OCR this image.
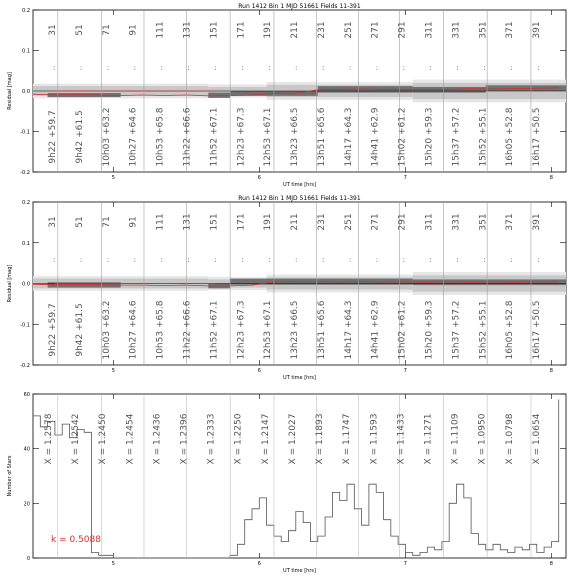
Run 1412 Bin 1 MJD 51661 Fields 11-391
UT time [hrs]
Residual [mag]
5	6	7	8
-0.2
-0.1
0.0
0.1
0.2
31
:
51
:
71
:
91
:
111
:
131
:
151
:
171
:
191
:
211
:
231
:
251
:
271
:
291
:
311
:
331
:
351
:
371
:
391
:
9h22 +59.7 9h42 +61.5 10h03 +63.2 10h27 +64.6 10h53 +65.8 11h22 +66.6 11h52 +67.1 12h23 +67.3 12h53 +67.1 13h23 +66.5 13h51 +65.6 14h17 +64.3 14h41 +62.9 15h02 +61.2 15h20 +59.3 15h37 +57.2 15h52 +55.1 16h05 +52.8 16h17 +50.5
Run 1412 Bin 1 MJD 51661 Fields 11-391
UT time [hrs]
Residual [mag]
5	6	7	8
-0.2
-0.1
0.0
0.1
0.2
31
:
51
:
71
:
91
:
111
:
131
:
151
:
171
:
191
:
211
:
231
:
251
:
271
:
291
:
311
:
331
:
351
:
371
:
391
:
9h22 +59.7 9h42 +61.5 10h03 +63.2 10h27 +64.6 10h53 +65.8 11h22 +66.6 11h52 +67.1 12h23 +67.3 12h53 +67.1 13h23 +66.5 13h51 +65.6 14h17 +64.3 14h41 +62.9 15h02 +61.2 15h20 +59.3 15h37 +57.2 15h52 +55.1 16h05 +52.8 16h17 +50.5
UT time [hrs]
Number of Stars
5	6	7	8
0
20
40
60
X = 1.2578 X = 1.2542 X = 1.2450 X = 1.2454 X = 1.2436 X = 1.2396 X = 1.2333 X = 1.2250 X = 1.2147 X = 1.2027 X = 1.1893 X = 1.1747 X = 1.1593 X = 1.1433 X = 1.1271 X = 1.1109 X = 1.0950 X = 1.0798 X = 1.0654
k = 0.5088
